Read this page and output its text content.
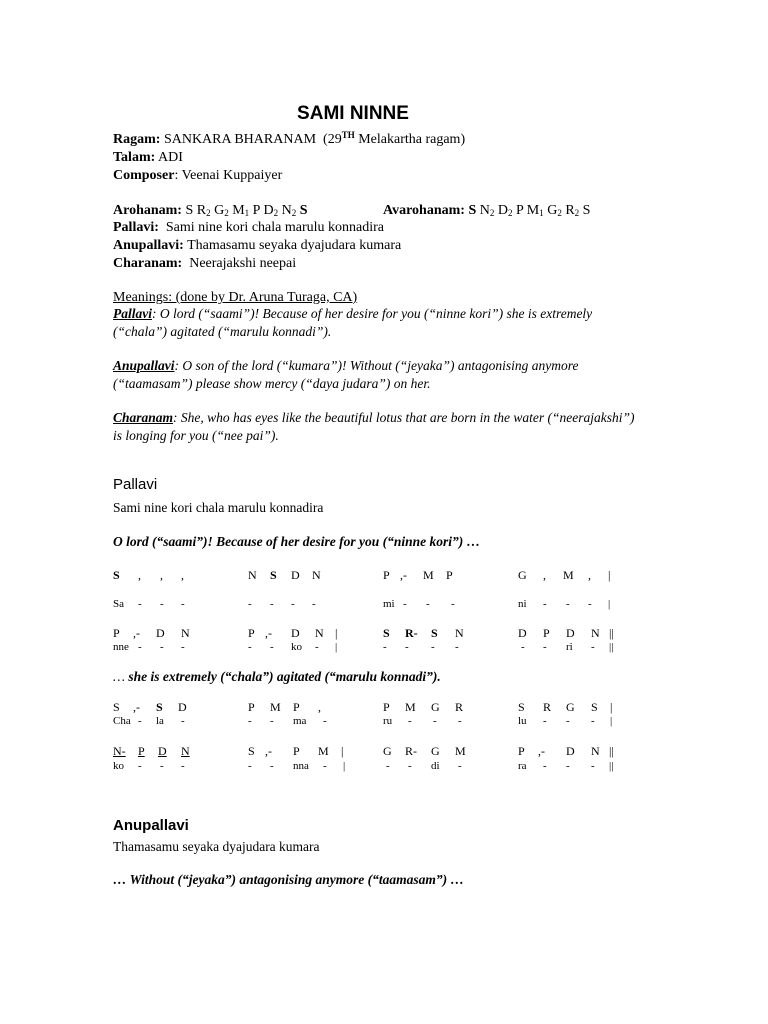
SAMI NINNE
Ragam: SANKARA BHARANAM (29TH Melakartha ragam)
Talam: ADI
Composer: Veenai Kuppaiyer
Arohanam: S $R_2$ $G_2$ $M_1$ P $D_2$ $N_2$ S	Avarohanam: S $N_2$ $D_2$ P $M_1$ $G_2$ $R_2$ S
Pallavi: Sami nine kori chala marulu konnadira
Anupallavi: Thamasamu seyaka dyajudara kumara
Charanam: Neerajakshi neepai
Meanings: (done by Dr. Aruna Turaga, CA)
Pallavi: O lord (“saami”)! Because of her desire for you (“ninne kori”) she is extremely (“chala”) agitated (“marulu konnadi”).
Anupallavi: O son of the lord (“kumara”)! Without (“jeyaka”) antagonising anymore (“taamasam”) please show mercy (“daya judara”) on her.
Charanam: She, who has eyes like the beautiful lotus that are born in the water (“neerajakshi”) is longing for you (“nee pai”).
Pallavi
Sami nine kori chala marulu konnadira
O lord (“saami”)! Because of her desire for you (“ninne kori”) …
S , , ,	N S D N	P ,- M P	G , M , |
Sa - - -	- - - -	mi - - -	ni - - - |
P ,- D N	P ,- D N |	S R- S N	D P D N ||
nne - - -	- - ko - |	- - - -	- - ri - ||
… she is extremely (“chala”) agitated (“marulu konnadi”).
S ,- S D	P M P ,	P M G R	S R G S |
Cha - la -	- - ma -	ru - - -	lu - - - |
N- P D N	S ,- P M |	G R- G M	P ,- D N ||
ko - - -	- - nna - |	- - di -	ra - - - ||
Anupallavi
Thamasamu seyaka dyajudara kumara
… Without (“jeyaka”) antagonising anymore (“taamasam”) …
